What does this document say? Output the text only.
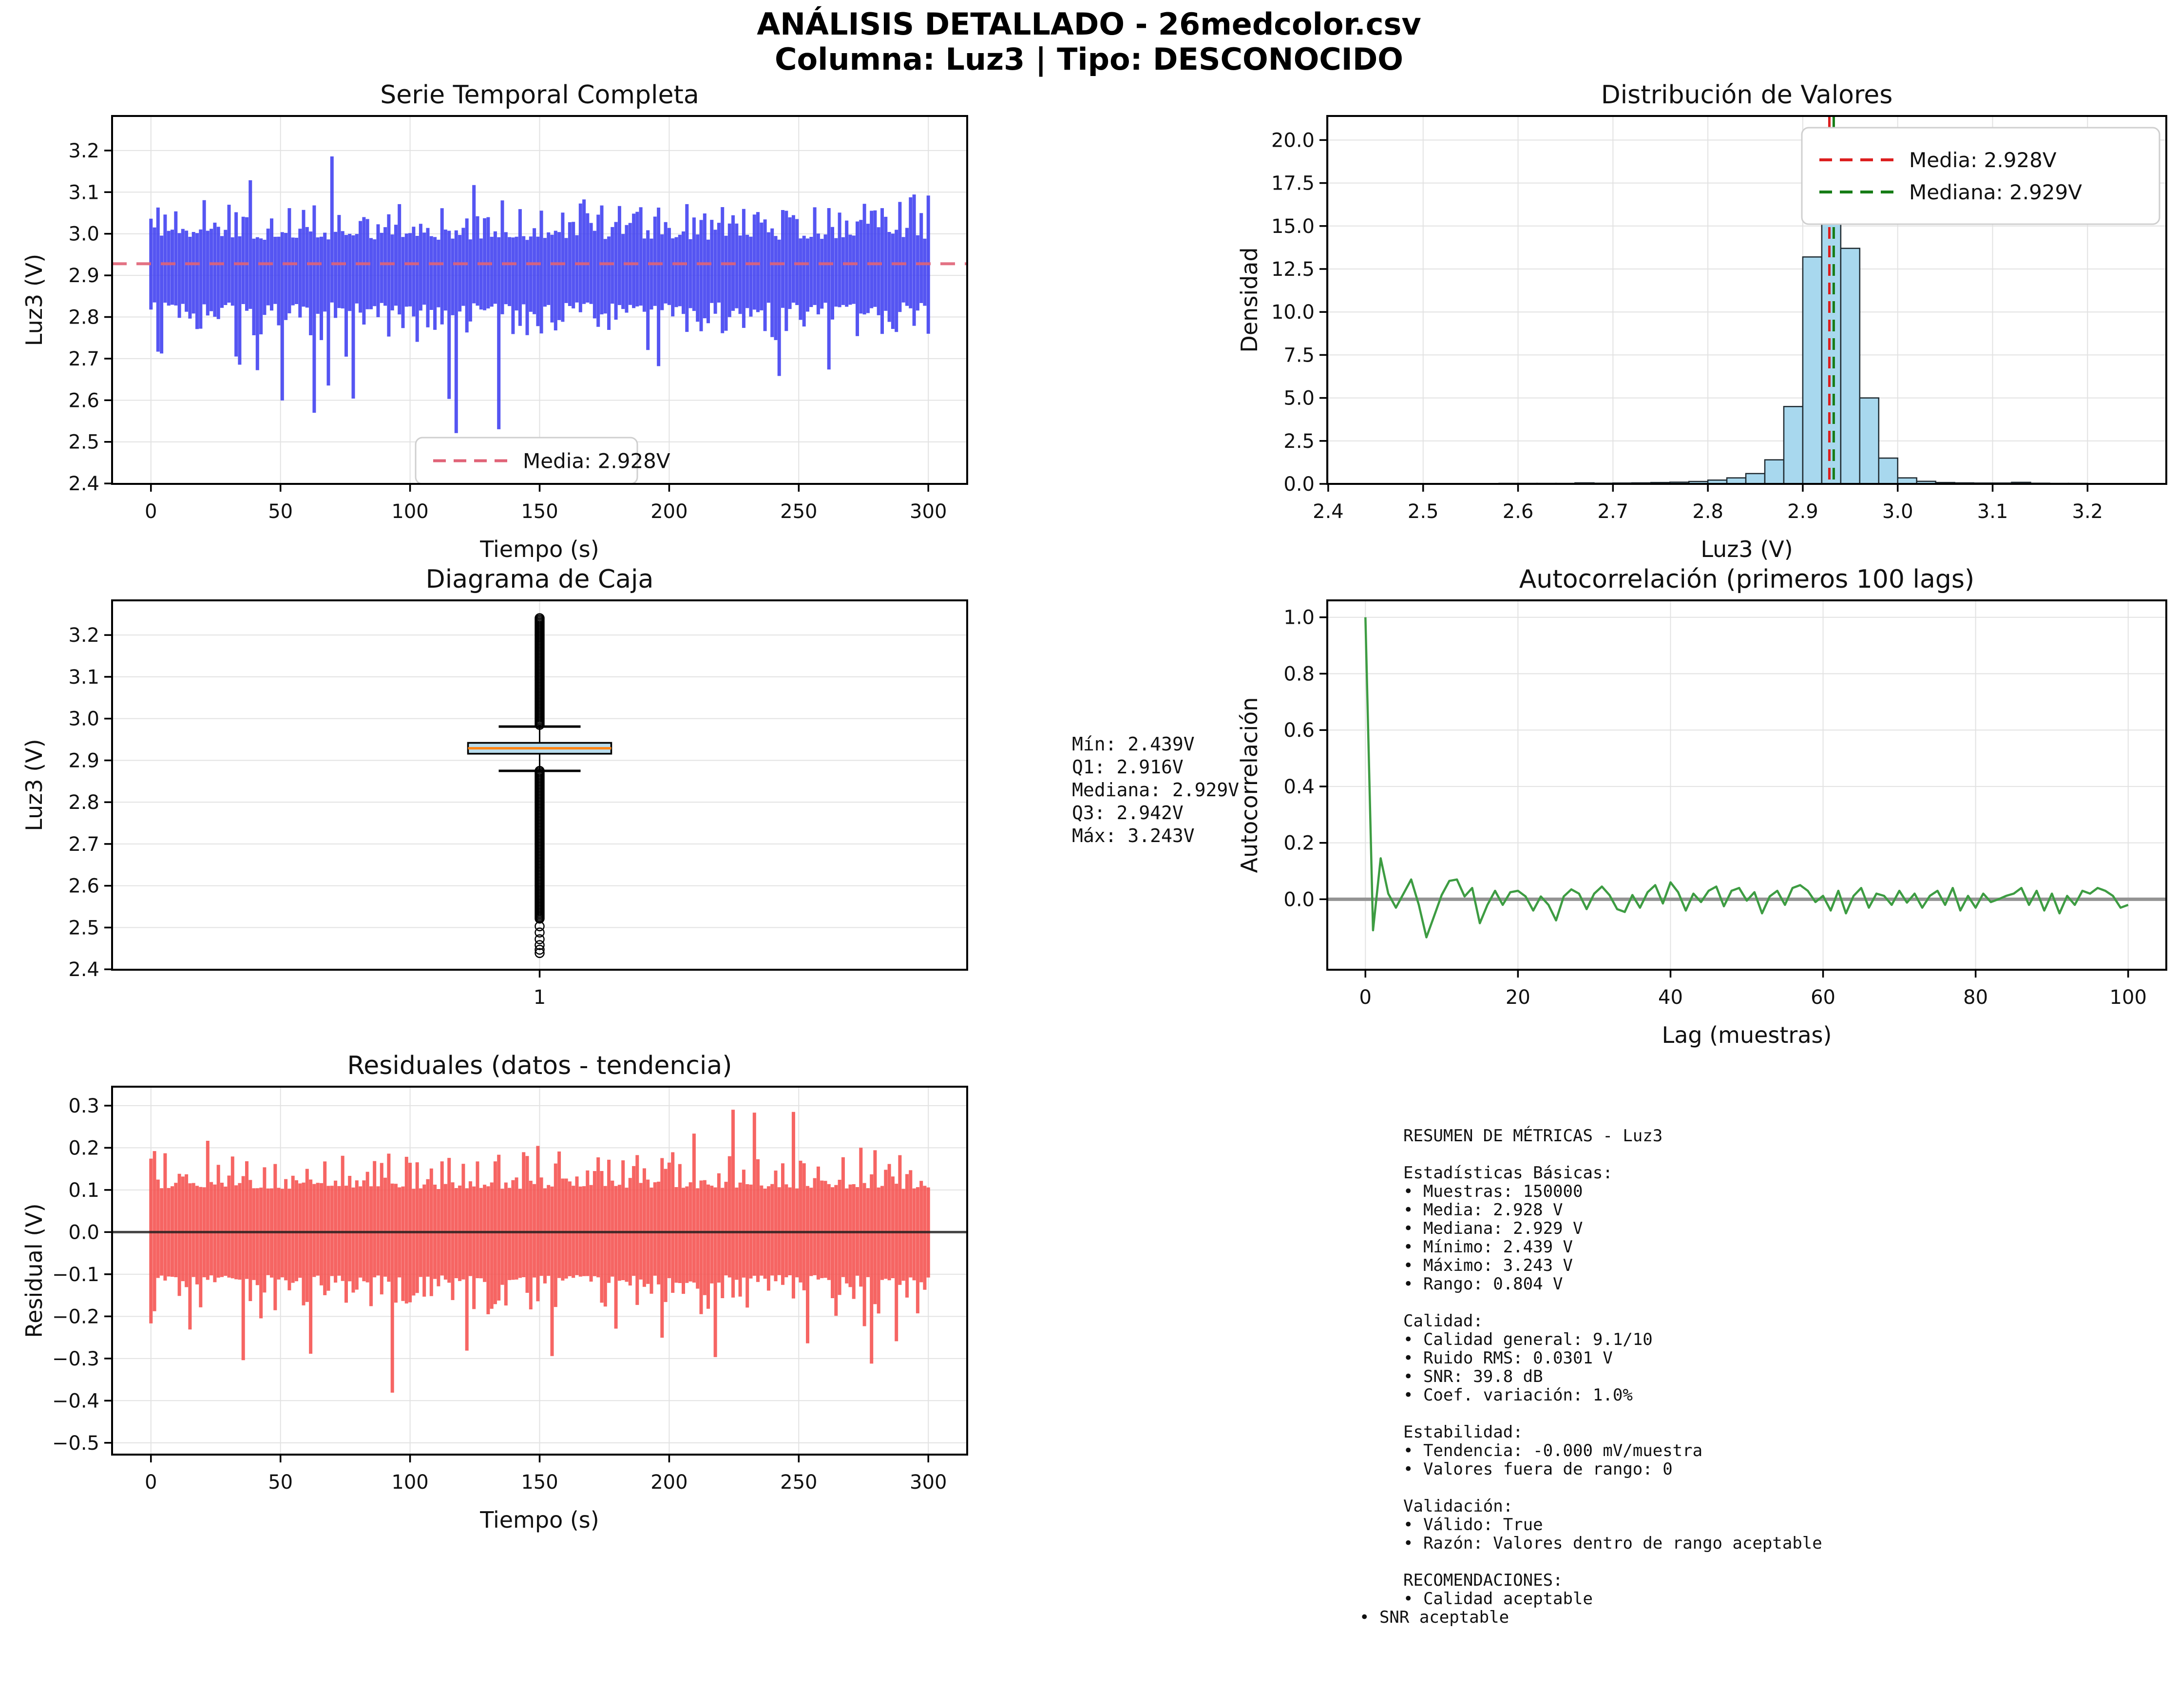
Media: 2.928V
0	50	100	150	200	250	300
2.4
2.5
2.6
2.7
2.8
2.9
3.0
3.1
3.2
Serie Temporal Completa
Tiempo (s)
Luz3 (V)
Media: 2.928V
Mediana: 2.929V
2.4	2.5	2.6	2.7	2.8	2.9	3.0	3.1	3.2
0.0
2.5
5.0
7.5
10.0
12.5
15.0
17.5
20.0
Distribución de Valores
Luz3 (V)
Densidad
1
2.4
2.5
2.6
2.7
2.8
2.9
3.0
3.1
3.2
Diagrama de Caja
Luz3 (V)
0	20	40	60	80	100
0.0
0.2
0.4
0.6
0.8
1.0
Autocorrelación (primeros 100 lags)
Lag (muestras)
Autocorrelación
0	50	100	150	200	250	300
0.3
0.2
0.1
0.0
−0.1
−0.2
−0.3
−0.4
−0.5
Residuales (datos - tendencia)
Tiempo (s)
Residual (V)
ANÁLISIS DETALLADO - 26medcolor.csv
Columna: Luz3 | Tipo: DESCONOCIDO
Mín: 2.439V
Q1: 2.916V
Mediana: 2.929V
Q3: 2.942V
Máx: 3.243V
RESUMEN DE MÉTRICAS - Luz3

Estadísticas Básicas:
• Muestras: 150000
• Media: 2.928 V
• Mediana: 2.929 V
• Mínimo: 2.439 V
• Máximo: 3.243 V
• Rango: 0.804 V

Calidad:
• Calidad general: 9.1/10
• Ruido RMS: 0.0301 V
• SNR: 39.8 dB
• Coef. variación: 1.0%

Estabilidad:
• Tendencia: -0.000 mV/muestra
• Valores fuera de rango: 0

Validación:
• Válido: True
• Razón: Valores dentro de rango aceptable

RECOMENDACIONES:
• Calidad aceptable
• SNR aceptable
